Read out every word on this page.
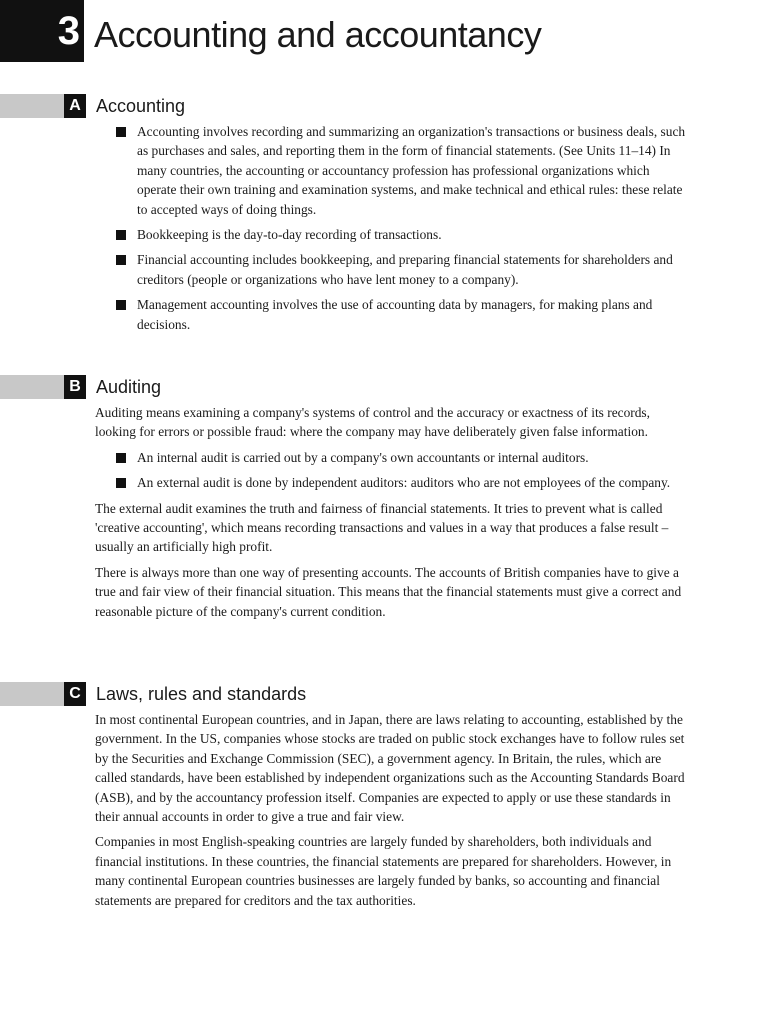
3 Accounting and accountancy
A Accounting
Accounting involves recording and summarizing an organization's transactions or business deals, such as purchases and sales, and reporting them in the form of financial statements. (See Units 11–14) In many countries, the accounting or accountancy profession has professional organizations which operate their own training and examination systems, and make technical and ethical rules: these relate to accepted ways of doing things.
Bookkeeping is the day-to-day recording of transactions.
Financial accounting includes bookkeeping, and preparing financial statements for shareholders and creditors (people or organizations who have lent money to a company).
Management accounting involves the use of accounting data by managers, for making plans and decisions.
B Auditing

Auditing means examining a company's systems of control and the accuracy or exactness of its records, looking for errors or possible fraud: where the company may have deliberately given false information.

An internal audit is carried out by a company's own accountants or internal auditors.
An external audit is done by independent auditors: auditors who are not employees of the company.

The external audit examines the truth and fairness of financial statements. It tries to prevent what is called 'creative accounting', which means recording transactions and values in a way that produces a false result – usually an artificially high profit.

There is always more than one way of presenting accounts. The accounts of British companies have to give a true and fair view of their financial situation. This means that the financial statements must give a correct and reasonable picture of the company's current condition.

C Laws, rules and standards

In most continental European countries, and in Japan, there are laws relating to accounting, established by the government. In the US, companies whose stocks are traded on public stock exchanges have to follow rules set by the Securities and Exchange Commission (SEC), a government agency. In Britain, the rules, which are called standards, have been established by independent organizations such as the Accounting Standards Board (ASB), and by the accountancy profession itself. Companies are expected to apply or use these standards in their annual accounts in order to give a true and fair view.

Companies in most English-speaking countries are largely funded by shareholders, both individuals and financial institutions. In these countries, the financial statements are prepared for shareholders. However, in many continental European countries businesses are largely funded by banks, so accounting and financial statements are prepared for creditors and the tax authorities.
